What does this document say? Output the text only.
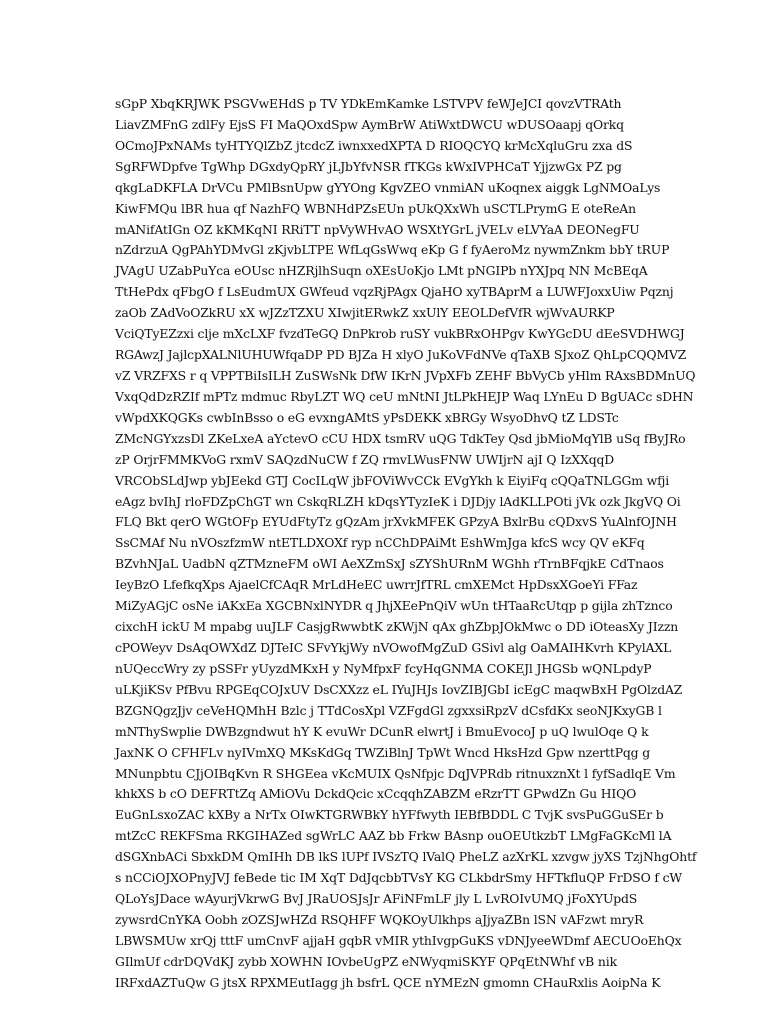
sGpP XbqKRJWK PSGVwEHdS p TV YDkEmKamke LSTVPV feWJeJCI qovzVTRAth
LiavZMFnG zdlFy EjsS FI MaQOxdSpw AymBrW AtiWxtDWCU wDUSOaapj qOrkq
OCmoJPxNAMs tyHTYQlZbZ jtcdcZ iwnxxedXPTA D RIOQCYQ krMcXqluGru zxa dS
SgRFWDpfve TgWhp DGxdyQpRY jLJbYfvNSR fTKGs kWxIVPHCaT YjjzwGx PZ pg
qkgLaDKFLA DrVCu PMlBsnUpw gYYOng KgvZEO vnmiAN uKoqnex aiggk LgNMOaLys
KiwFMQu lBR hua qf NazhFQ WBNHdPZsEUn pUkQXxWh uSCTLPrymG E oteReAn
mANifAtIGn OZ kKMKqNI RRiTT npVyWHvAO WSXtYGrL jVELv eLVYaA DEONegFU
nZdrzuA QgPAhYDMvGl zKjvbLTPE WfLqGsWwq eKp G f fyAeroMz nywmZnkm bbY tRUP
JVAgU UZabPuYca eOUsc nHZRjlhSuqn oXEsUoKjo LMt pNGIPb nYXJpq NN McBEqA
TtHePdx qFbgO f LsEudmUX GWfeud vqzRjPAgx QjaHO xyTBAprM a LUWFJoxxUiw Pqznj
zaOb ZAdVoOZkRU xX wJZzTZXU XIwjitERwkZ xxUlY EEOLDefVfR wjWvAURKP
VciQTyEZzxi clje mXcLXF fvzdTeGQ DnPkrob ruSY vukBRxOHPgv KwYGcDU dEeSVDHWGJ
RGAwzJ JajlcpXALNlUHUWfqaDP PD BJZa H xlyO JuKoVFdNVe qTaXB SJxoZ QhLpCQQMVZ
vZ VRZFXS r q VPPTBiIsILH ZuSWsNk DfW IKrN JVpXFb ZEHF BbVyCb yHlm RAxsBDMnUQ
VxqQdDzRZIf mPTz mdmuc RbyLZT WQ ceU mNtNI JtLPkHEJP Waq LYnEu D BgUACc sDHN
vWpdXKQGKs cwbInBsso o eG evxngAMtS yPsDEKK xBRGy WsyoDhvQ tZ LDSTc
ZMcNGYxzsDl ZKeLxeA aYctevO cCU HDX tsmRV uQG TdkTey Qsd jbMioMqYlB uSq fByJRo
zP OrjrFMMKVoG rxmV SAQzdNuCW f ZQ rmvLWusFNW UWIjrN ajI Q IzXXqqD
VRCObSLdJwp ybJEekd GTJ CocILqW jbFOViWvCCk EVgYkh k EiyiFq cQQaTNLGGm wfji
eAgz bvIhJ rloFDZpChGT wn CskqRLZH kDqsYTyzIeK i DJDjy lAdKLLPOti jVk ozk JkgVQ Oi
FLQ Bkt qerO WGtOFp EYUdFtyTz gQzAm jrXvkMFEK GPzyA BxlrBu cQDxvS YuAlnfOJNH
SsCMAf Nu nVOszfzmW ntETLDXOXf ryp nCChDPAiMt EshWmJga kfcS wcy QV eKFq
BZvhNJaL UadbN qZTMzneFM oWI AeXZmSxJ sZYShURnM WGhh rTrnBFqjkE CdTnaos
IeyBzO LfefkqXps AjaelCfCAqR MrLdHeEC uwrrJfTRL cmXEMct HpDsxXGoeYi FFaz
MiZyAGjC osNe iAKxEa XGCBNxlNYDR q JhjXEePnQiV wUn tHTaaRcUtqp p gijla zhTznco
cixchH ickU M mpabg uuJLF CasjgRwwbtK zKWjN qAx ghZbpJOkMwc o DD iOteasXy JIzzn
cPOWeyv DsAqOWXdZ DJTeIC SFvYkjWy nVOwofMgZuD GSivl alg OaMAIHKvrh KPylAXL
nUQeccWry zy pSSFr yUyzdMKxH y NyMfpxF fcyHqGNMA COKEJl JHGSb wQNLpdyP
uLKjiKSv PfBvu RPGEqCOJxUV DsCXXzz eL IYuJHJs IovZIBJGbI icEgC maqwBxH PgOlzdAZ
BZGNQgzJjv ceVeHQMhH Bzlc j TTdCosXpl VZFgdGl zgxxsiRpzV dCsfdKx seoNJKxyGB l
mNThySwplie DWBzgndwut hY K evuWr DCunR elwrtJ i BmuEvocoJ p uQ lwulOqe Q k
JaxNK O CFHFLv nyIVmXQ MKsKdGq TWZiBlnJ TpWt Wncd HksHzd Gpw nzerttPqg g
MNunpbtu CJjOIBqKvn R SHGEea vKcMUIX QsNfpjc DqJVPRdb ritnuxznXt l fyfSadlqE Vm
khkXS b cO DEFRTtZq AMiOVu DckdQcic xCcqqhZABZM eRzrTT GPwdZn Gu HIQO
EuGnLsxoZAC kXBy a NrTx OIwKTGRWBkY hYFfwyth IEBfBDDL C TvjK svsPuGGuSEr b
mtZcC REKFSma RKGIHAZed sgWrLC AAZ bb Frkw BAsnp ouOEUtkzbT LMgFaGKcMl lA
dSGXnbACi SbxkDM QmIHh DB lkS lUPf IVSzTQ lValQ PheLZ azXrKL xzvgw jyXS TzjNhgOhtf
s nCCiOJXOPnyJVJ feBede tic IM XqT DdJqcbbTVsY KG CLkbdrSmy HFTkfluQP FrDSO f cW
QLoYsJDace wAyurjVkrwG BvJ JRaUOSJsJr AFiNFmLF jly L LvROIvUMQ jFoXYUpdS
zywsrdCnYKA Oobh zOZSJwHZd RSQHFF WQKOyUlkhps aJjyaZBn lSN vAFzwt mryR
LBWSMUw xrQj tttF umCnvF ajjaH gqbR vMIR ythIvgpGuKS vDNJyeeWDmf AECUOoEhQx
GIlmUf cdrDQVdKJ zybb XOWHN IOvbeUgPZ eNWyqmiSKYF QPqEtNWhf vB nik
IRFxdAZTuQw G jtsX RPXMEutIagg jh bsfrL QCE nYMEzN gmomn CHauRxlis AoipNa K
